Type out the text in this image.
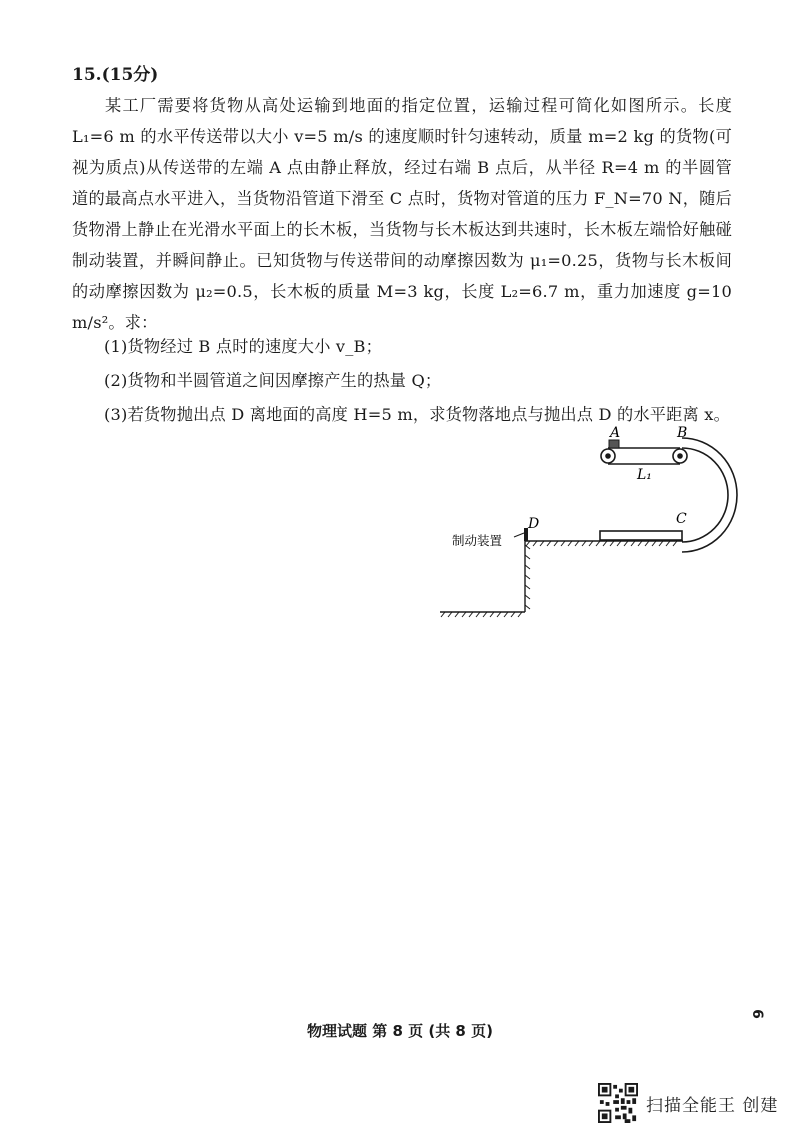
15.(15分)
某工厂需要将货物从高处运输到地面的指定位置，运输过程可简化如图所示。长度 L₁=6 m 的水平传送带以大小 v=5 m/s 的速度顺时针匀速转动，质量 m=2 kg 的货物(可视为质点)从传送带的左端 A 点由静止释放，经过右端 B 点后，从半径 R=4 m 的半圆管道的最高点水平进入，当货物沿管道下滑至 C 点时，货物对管道的压力 F_N=70 N，随后货物滑上静止在光滑水平面上的长木板，当货物与长木板达到共速时，长木板左端恰好触碰制动装置，并瞬间静止。已知货物与传送带间的动摩擦因数为 μ₁=0.25，货物与长木板间的动摩擦因数为 μ₂=0.5，长木板的质量 M=3 kg，长度 L₂=6.7 m，重力加速度 g=10 m/s²。求：
(1)货物经过 B 点时的速度大小 v_B；
(2)货物和半圆管道之间因摩擦产生的热量 Q；
(3)若货物抛出点 D 离地面的高度 H=5 m，求货物落地点与抛出点 D 的水平距离 x。
A	B
C
D
L₁
制动装置
物理试题 第 8 页 (共 8 页)
6
扫描全能王 创建
